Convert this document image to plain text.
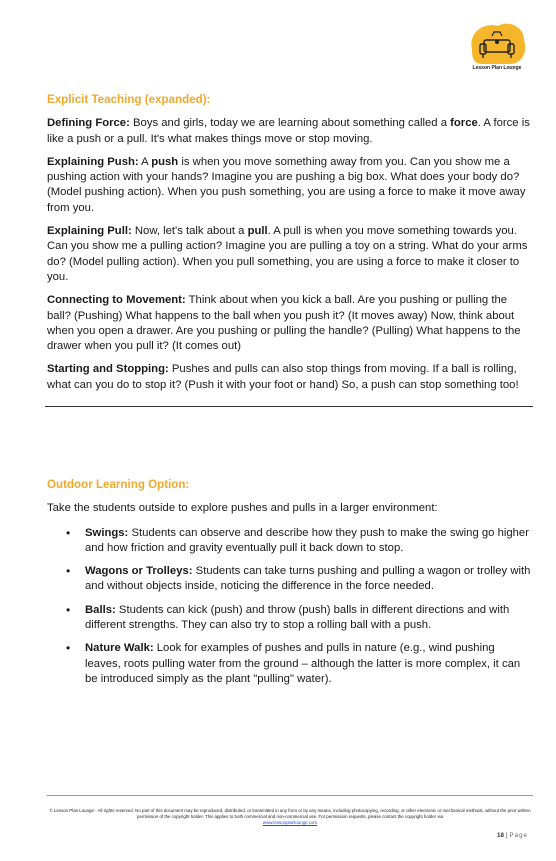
Lesson Plan Lounge
Explicit Teaching (expanded):

Defining Force: Boys and girls, today we are learning about something called a force. A force is like a push or a pull. It's what makes things move or stop moving.

Explaining Push: A push is when you move something away from you. Can you show me a pushing action with your hands? Imagine you are pushing a big box. What does your body do? (Model pushing action). When you push something, you are using a force to make it move away from you.

Explaining Pull: Now, let's talk about a pull. A pull is when you move something towards you. Can you show me a pulling action? Imagine you are pulling a toy on a string. What do your arms do? (Model pulling action). When you pull something, you are using a force to make it closer to you.

Connecting to Movement: Think about when you kick a ball. Are you pushing or pulling the ball? (Pushing) What happens to the ball when you push it? (It moves away) Now, think about when you open a drawer. Are you pushing or pulling the handle? (Pulling) What happens to the drawer when you pull it? (It comes out)

Starting and Stopping: Pushes and pulls can also stop things from moving. If a ball is rolling, what can you do to stop it? (Push it with your foot or hand) So, a push can stop something too!

Outdoor Learning Option:

Take the students outside to explore pushes and pulls in a larger environment:

• Swings: Students can observe and describe how they push to make the swing go higher and how friction and gravity eventually pull it back down to stop.
• Wagons or Trolleys: Students can take turns pushing and pulling a wagon or trolley with and without objects inside, noticing the difference in the force needed.
• Balls: Students can kick (push) and throw (push) balls in different directions and with different strengths. They can also try to stop a rolling ball with a push.
• Nature Walk: Look for examples of pushes and pulls in nature (e.g., wind pushing leaves, roots pulling water from the ground – although the latter is more complex, it can be introduced simply as the plant "pulling" water).
© Lesson Plan Lounge - All rights reserved. No part of this document may be reproduced, distributed, or transmitted in any form or by any means, including photocopying, recording, or other electronic or mechanical methods, without the prior written permission of the copyright holder. This applies to both commercial and non-commercial use. For permission requests, please contact the copyright holder via
www.lessonplanlounge.com
18 | Page
